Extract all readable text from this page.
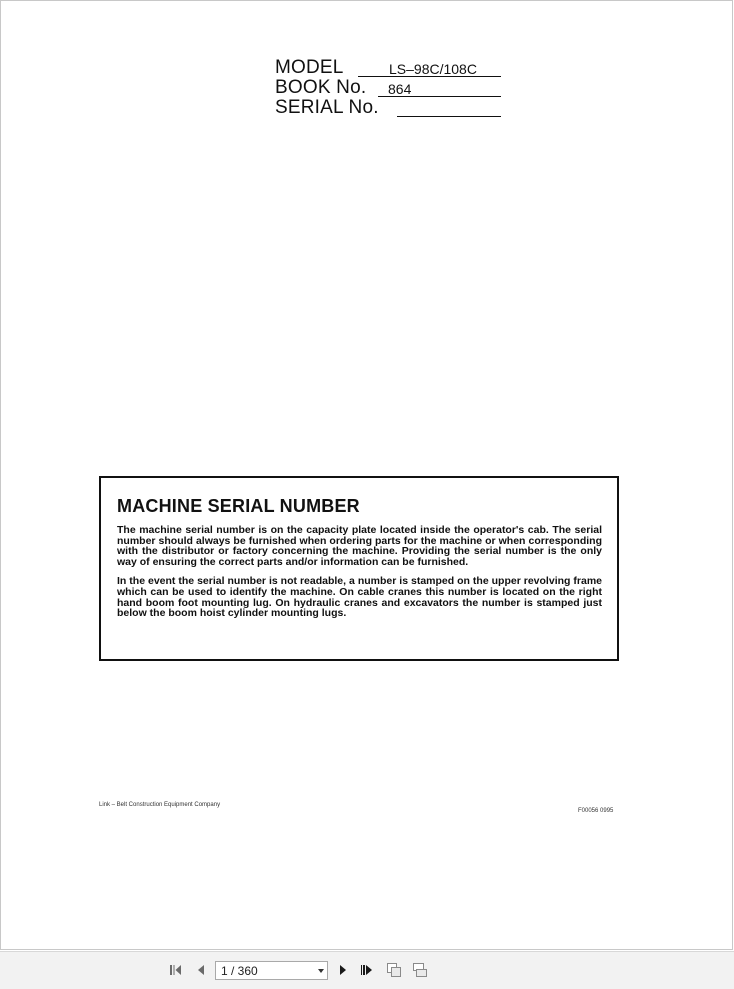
MODEL	LS–98C/108C
BOOK No. 864
SERIAL No.
MACHINE SERIAL NUMBER

The machine serial number is on the capacity plate located inside the operator's cab. The serial number should always be furnished when ordering parts for the machine or when corresponding with the distributor or factory concerning the machine. Providing the serial number is the only way of ensuring the correct parts and/or information can be furnished.

In the event the serial number is not readable, a number is stamped on the upper revolving frame which can be used to identify the machine. On cable cranes this number is located on the right hand boom foot mounting lug. On hydraulic cranes and excavators the number is stamped just below the boom hoist cylinder mounting lugs.

Link – Belt Construction Equipment Company
F00056 0995
1 / 360
